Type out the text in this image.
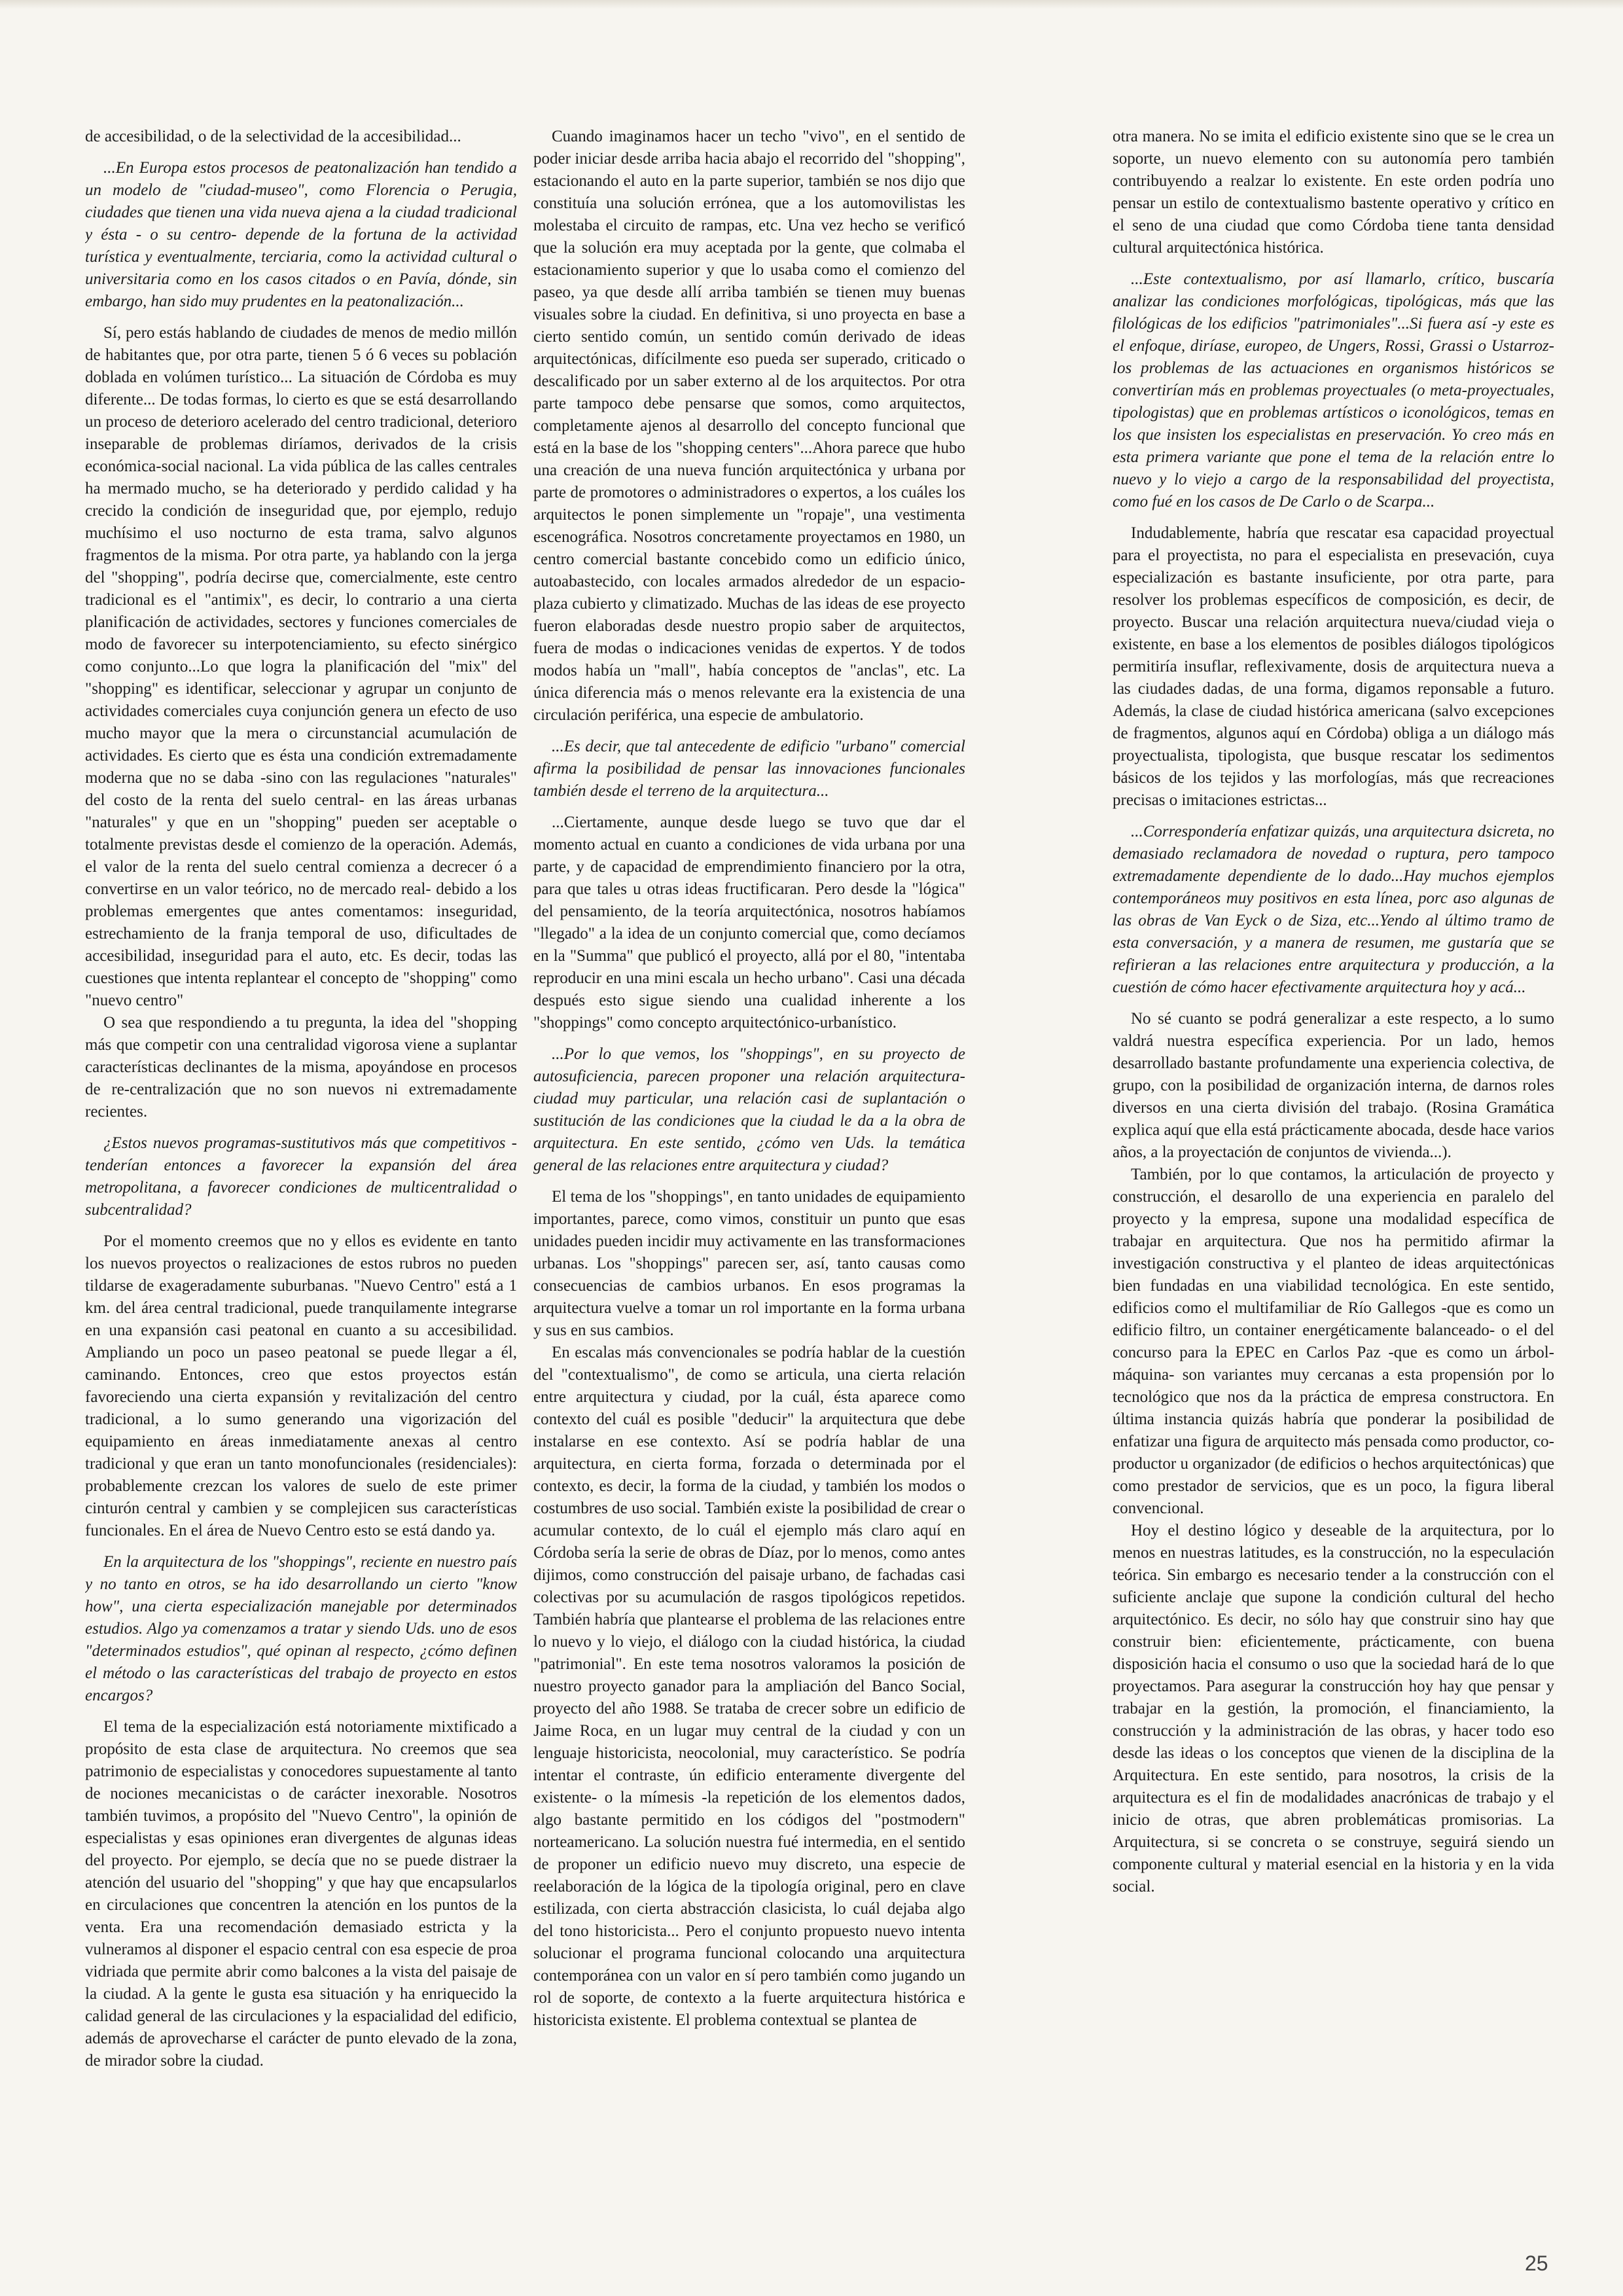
de accesibilidad, o de la selectividad de la accesibilidad...

...En Europa estos procesos de peatonalización han tendido a un modelo de "ciudad-museo", como Florencia o Perugia, ciudades que tienen una vida nueva ajena a la ciudad tradicional y ésta - o su centro- depende de la fortuna de la actividad turística y eventualmente, terciaria, como la actividad cultural o universitaria como en los casos citados o en Pavía, dónde, sin embargo, han sido muy prudentes en la peatonalización...

Sí, pero estás hablando de ciudades de menos de medio millón de habitantes que, por otra parte, tienen 5 ó 6 veces su población doblada en volúmen turístico... La situación de Córdoba es muy diferente... De todas formas, lo cierto es que se está desarrollando un proceso de deterioro acelerado del centro tradicional, deterioro inseparable de problemas diríamos, derivados de la crisis económica-social nacional. La vida pública de las calles centrales ha mermado mucho, se ha deteriorado y perdido calidad y ha crecido la condición de inseguridad que, por ejemplo, redujo muchísimo el uso nocturno de esta trama, salvo algunos fragmentos de la misma. Por otra parte, ya hablando con la jerga del "shopping", podría decirse que, comercialmente, este centro tradicional es el "antimix", es decir, lo contrario a una cierta planificación de actividades, sectores y funciones comerciales de modo de favorecer su interpotenciamiento, su efecto sinérgico como conjunto...Lo que logra la planificación del "mix" del "shopping" es identificar, seleccionar y agrupar un conjunto de actividades comerciales cuya conjunción genera un efecto de uso mucho mayor que la mera o circunstancial acumulación de actividades. Es cierto que es ésta una condición extremadamente moderna que no se daba -sino con las regulaciones "naturales" del costo de la renta del suelo central- en las áreas urbanas "naturales" y que en un "shopping" pueden ser aceptable o totalmente previstas desde el comienzo de la operación. Además, el valor de la renta del suelo central comienza a decrecer ó a convertirse en un valor teórico, no de mercado real- debido a los problemas emergentes que antes comentamos: inseguridad, estrechamiento de la franja temporal de uso, dificultades de accesibilidad, inseguridad para el auto, etc. Es decir, todas las cuestiones que intenta replantear el concepto de "shopping" como "nuevo centro"

O sea que respondiendo a tu pregunta, la idea del "shopping más que competir con una centralidad vigorosa viene a suplantar características declinantes de la misma, apoyándose en procesos de re-centralización que no son nuevos ni extremadamente recientes.

¿Estos nuevos programas-sustitutivos más que competitivos -tenderían entonces a favorecer la expansión del área metropolitana, a favorecer condiciones de multicentralidad o subcentralidad?

Por el momento creemos que no y ellos es evidente en tanto los nuevos proyectos o realizaciones de estos rubros no pueden tildarse de exageradamente suburbanas. "Nuevo Centro" está a 1 km. del área central tradicional, puede tranquilamente integrarse en una expansión casi peatonal en cuanto a su accesibilidad. Ampliando un poco un paseo peatonal se puede llegar a él, caminando. Entonces, creo que estos proyectos están favoreciendo una cierta expansión y revitalización del centro tradicional, a lo sumo generando una vigorización del equipamiento en áreas inmediatamente anexas al centro tradicional y que eran un tanto monofuncionales (residenciales): probablemente crezcan los valores de suelo de este primer cinturón central y cambien y se complejicen sus características funcionales. En el área de Nuevo Centro esto se está dando ya.

En la arquitectura de los "shoppings", reciente en nuestro país y no tanto en otros, se ha ido desarrollando un cierto "know how", una cierta especialización manejable por determinados estudios. Algo ya comenzamos a tratar y siendo Uds. uno de esos "determinados estudios", qué opinan al respecto, ¿cómo definen el método o las características del trabajo de proyecto en estos encargos?

El tema de la especialización está notoriamente mixtificado a propósito de esta clase de arquitectura. No creemos que sea patrimonio de especialistas y conocedores supuestamente al tanto de nociones mecanicistas o de carácter inexorable. Nosotros también tuvimos, a propósito del "Nuevo Centro", la opinión de especialistas y esas opiniones eran divergentes de algunas ideas del proyecto. Por ejemplo, se decía que no se puede distraer la atención del usuario del "shopping" y que hay que encapsularlos en circulaciones que concentren la atención en los puntos de la venta. Era una recomendación demasiado estricta y la vulneramos al disponer el espacio central con esa especie de proa vidriada que permite abrir como balcones a la vista del paisaje de la ciudad. A la gente le gusta esa situación y ha enriquecido la calidad general de las circulaciones y la espacialidad del edificio, además de aprovecharse el carácter de punto elevado de la zona, de mirador sobre la ciudad.

Cuando imaginamos hacer un techo "vivo", en el sentido de poder iniciar desde arriba hacia abajo el recorrido del "shopping", estacionando el auto en la parte superior, también se nos dijo que constituía una solución errónea, que a los automovilistas les molestaba el circuito de rampas, etc. Una vez hecho se verificó que la solución era muy aceptada por la gente, que colmaba el estacionamiento superior y que lo usaba como el comienzo del paseo, ya que desde allí arriba también se tienen muy buenas visuales sobre la ciudad. En definitiva, si uno proyecta en base a cierto sentido común, un sentido común derivado de ideas arquitectónicas, difícilmente eso pueda ser superado, criticado o descalificado por un saber externo al de los arquitectos. Por otra parte tampoco debe pensarse que somos, como arquitectos, completamente ajenos al desarrollo del concepto funcional que está en la base de los "shopping centers"...Ahora parece que hubo una creación de una nueva función arquitectónica y urbana por parte de promotores o administradores o expertos, a los cuáles los arquitectos le ponen simplemente un "ropaje", una vestimenta escenográfica. Nosotros concretamente proyectamos en 1980, un centro comercial bastante concebido como un edificio único, autoabastecido, con locales armados alrededor de un espacio-plaza cubierto y climatizado. Muchas de las ideas de ese proyecto fueron elaboradas desde nuestro propio saber de arquitectos, fuera de modas o indicaciones venidas de expertos. Y de todos modos había un "mall", había conceptos de "anclas", etc. La única diferencia más o menos relevante era la existencia de una circulación periférica, una especie de ambulatorio.

...Es decir, que tal antecedente de edificio "urbano" comercial afirma la posibilidad de pensar las innovaciones funcionales también desde el terreno de la arquitectura...

...Ciertamente, aunque desde luego se tuvo que dar el momento actual en cuanto a condiciones de vida urbana por una parte, y de capacidad de emprendimiento financiero por la otra, para que tales u otras ideas fructificaran. Pero desde la "lógica" del pensamiento, de la teoría arquitectónica, nosotros habíamos "llegado" a la idea de un conjunto comercial que, como decíamos en la "Summa" que publicó el proyecto, allá por el 80, "intentaba reproducir en una mini escala un hecho urbano". Casi una década después esto sigue siendo una cualidad inherente a los "shoppings" como concepto arquitectónico-urbanístico.

...Por lo que vemos, los "shoppings", en su proyecto de autosuficiencia, parecen proponer una relación arquitectura-ciudad muy particular, una relación casi de suplantación o sustitución de las condiciones que la ciudad le da a la obra de arquitectura. En este sentido, ¿cómo ven Uds. la temática general de las relaciones entre arquitectura y ciudad?

El tema de los "shoppings", en tanto unidades de equipamiento importantes, parece, como vimos, constituir un punto que esas unidades pueden incidir muy activamente en las transformaciones urbanas. Los "shoppings" parecen ser, así, tanto causas como consecuencias de cambios urbanos. En esos programas la arquitectura vuelve a tomar un rol importante en la forma urbana y sus en sus cambios.

En escalas más convencionales se podría hablar de la cuestión del "contextualismo", de como se articula, una cierta relación entre arquitectura y ciudad, por la cuál, ésta aparece como contexto del cuál es posible "deducir" la arquitectura que debe instalarse en ese contexto. Así se podría hablar de una arquitectura, en cierta forma, forzada o determinada por el contexto, es decir, la forma de la ciudad, y también los modos o costumbres de uso social. También existe la posibilidad de crear o acumular contexto, de lo cuál el ejemplo más claro aquí en Córdoba sería la serie de obras de Díaz, por lo menos, como antes dijimos, como construcción del paisaje urbano, de fachadas casi colectivas por su acumulación de rasgos tipológicos repetidos. También habría que plantearse el problema de las relaciones entre lo nuevo y lo viejo, el diálogo con la ciudad histórica, la ciudad "patrimonial". En este tema nosotros valoramos la posición de nuestro proyecto ganador para la ampliación del Banco Social, proyecto del año 1988. Se trataba de crecer sobre un edificio de Jaime Roca, en un lugar muy central de la ciudad y con un lenguaje historicista, neocolonial, muy característico. Se podría intentar el contraste, ún edificio enteramente divergente del existente- o la mímesis -la repetición de los elementos dados, algo bastante permitido en los códigos del "postmodern" norteamericano. La solución nuestra fué intermedia, en el sentido de proponer un edificio nuevo muy discreto, una especie de reelaboración de la lógica de la tipología original, pero en clave estilizada, con cierta abstracción clasicista, lo cuál dejaba algo del tono historicista... Pero el conjunto propuesto nuevo intenta solucionar el programa funcional colocando una arquitectura contemporánea con un valor en sí pero también como jugando un rol de soporte, de contexto a la fuerte arquitectura histórica e historicista existente. El problema contextual se plantea de

otra manera. No se imita el edificio existente sino que se le crea un soporte, un nuevo elemento con su autonomía pero también contribuyendo a realzar lo existente. En este orden podría uno pensar un estilo de contextualismo bastente operativo y crítico en el seno de una ciudad que como Córdoba tiene tanta densidad cultural arquitectónica histórica.

...Este contextualismo, por así llamarlo, crítico, buscaría analizar las condiciones morfológicas, tipológicas, más que las filológicas de los edificios "patrimoniales"...Si fuera así -y este es el enfoque, diríase, europeo, de Ungers, Rossi, Grassi o Ustarroz- los problemas de las actuaciones en organismos históricos se convertirían más en problemas proyectuales (o meta-proyectuales, tipologistas) que en problemas artísticos o iconológicos, temas en los que insisten los especialistas en preservación. Yo creo más en esta primera variante que pone el tema de la relación entre lo nuevo y lo viejo a cargo de la responsabilidad del proyectista, como fué en los casos de De Carlo o de Scarpa...

Indudablemente, habría que rescatar esa capacidad proyectual para el proyectista, no para el especialista en presevación, cuya especialización es bastante insuficiente, por otra parte, para resolver los problemas específicos de composición, es decir, de proyecto. Buscar una relación arquitectura nueva/ciudad vieja o existente, en base a los elementos de posibles diálogos tipológicos permitiría insuflar, reflexivamente, dosis de arquitectura nueva a las ciudades dadas, de una forma, digamos reponsable a futuro. Además, la clase de ciudad histórica americana (salvo excepciones de fragmentos, algunos aquí en Córdoba) obliga a un diálogo más proyectualista, tipologista, que busque rescatar los sedimentos básicos de los tejidos y las morfologías, más que recreaciones precisas o imitaciones estrictas...

...Correspondería enfatizar quizás, una arquitectura dsicreta, no demasiado reclamadora de novedad o ruptura, pero tampoco extremadamente dependiente de lo dado...Hay muchos ejemplos contemporáneos muy positivos en esta línea, porc aso algunas de las obras de Van Eyck o de Siza, etc...Yendo al último tramo de esta conversación, y a manera de resumen, me gustaría que se refirieran a las relaciones entre arquitectura y producción, a la cuestión de cómo hacer efectivamente arquitectura hoy y acá...

No sé cuanto se podrá generalizar a este respecto, a lo sumo valdrá nuestra específica experiencia. Por un lado, hemos desarrollado bastante profundamente una experiencia colectiva, de grupo, con la posibilidad de organización interna, de darnos roles diversos en una cierta división del trabajo. (Rosina Gramática explica aquí que ella está prácticamente abocada, desde hace varios años, a la proyectación de conjuntos de vivienda...).

También, por lo que contamos, la articulación de proyecto y construcción, el desarollo de una experiencia en paralelo del proyecto y la empresa, supone una modalidad específica de trabajar en arquitectura. Que nos ha permitido afirmar la investigación constructiva y el planteo de ideas arquitectónicas bien fundadas en una viabilidad tecnológica. En este sentido, edificios como el multifamiliar de Río Gallegos -que es como un edificio filtro, un container energéticamente balanceado- o el del concurso para la EPEC en Carlos Paz -que es como un árbol-máquina- son variantes muy cercanas a esta propensión por lo tecnológico que nos da la práctica de empresa constructora. En última instancia quizás habría que ponderar la posibilidad de enfatizar una figura de arquitecto más pensada como productor, co-productor u organizador (de edificios o hechos arquitectónicas) que como prestador de servicios, que es un poco, la figura liberal convencional.

Hoy el destino lógico y deseable de la arquitectura, por lo menos en nuestras latitudes, es la construcción, no la especulación teórica. Sin embargo es necesario tender a la construcción con el suficiente anclaje que supone la condición cultural del hecho arquitectónico. Es decir, no sólo hay que construir sino hay que construir bien: eficientemente, prácticamente, con buena disposición hacia el consumo o uso que la sociedad hará de lo que proyectamos. Para asegurar la construcción hoy hay que pensar y trabajar en la gestión, la promoción, el financiamiento, la construcción y la administración de las obras, y hacer todo eso desde las ideas o los conceptos que vienen de la disciplina de la Arquitectura. En este sentido, para nosotros, la crisis de la arquitectura es el fin de modalidades anacrónicas de trabajo y el inicio de otras, que abren problemáticas promisorias. La Arquitectura, si se concreta o se construye, seguirá siendo un componente cultural y material esencial en la historia y en la vida social.

25
